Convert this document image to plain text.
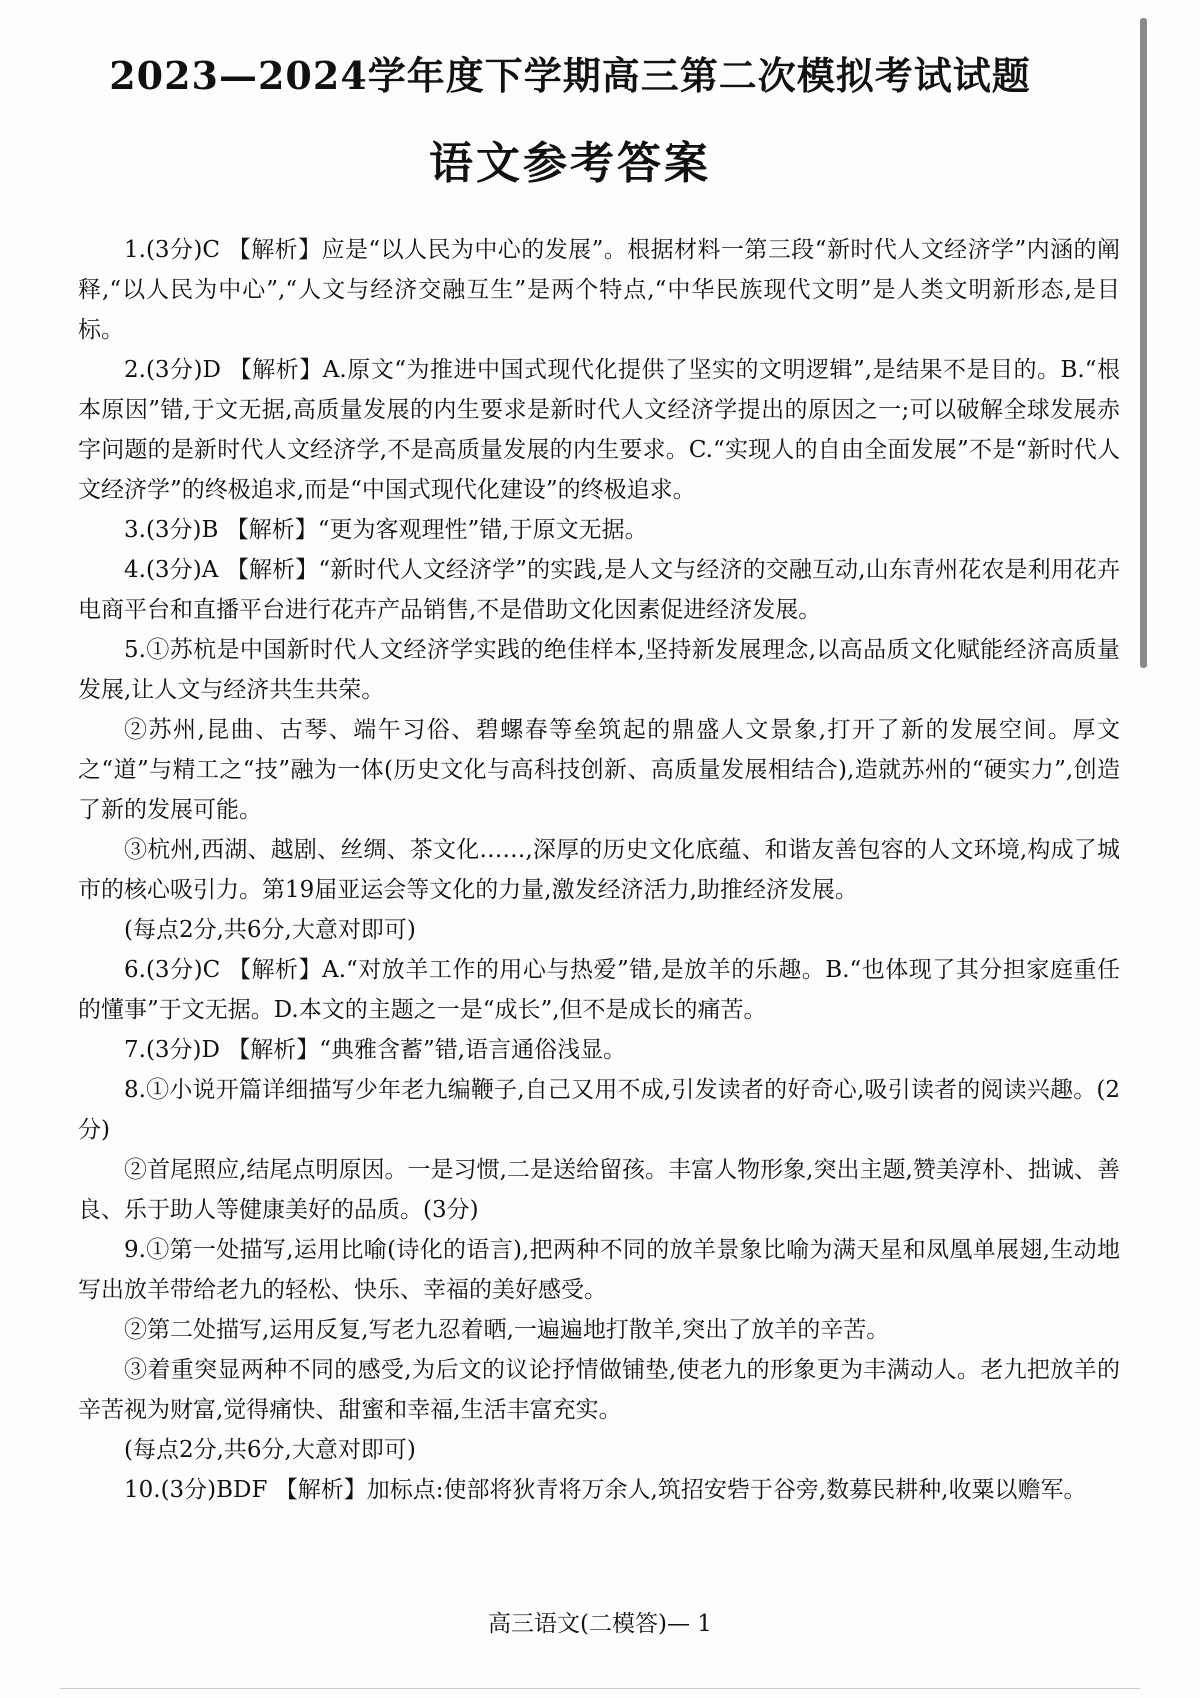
2023—2024学年度下学期高三第二次模拟考试试题
语文参考答案

1.(3分)C 【解析】应是“以人民为中心的发展”。根据材料一第三段“新时代人文经济学”内涵的阐释,“以人民为中心”,“人文与经济交融互生”是两个特点,“中华民族现代文明”是人类文明新形态,是目标。

2.(3分)D 【解析】A.原文“为推进中国式现代化提供了坚实的文明逻辑”,是结果不是目的。B.“根本原因”错,于文无据,高质量发展的内生要求是新时代人文经济学提出的原因之一;可以破解全球发展赤字问题的是新时代人文经济学,不是高质量发展的内生要求。C.“实现人的自由全面发展”不是“新时代人文经济学”的终极追求,而是“中国式现代化建设”的终极追求。

3.(3分)B 【解析】“更为客观理性”错,于原文无据。

4.(3分)A 【解析】“新时代人文经济学”的实践,是人文与经济的交融互动,山东青州花农是利用花卉电商平台和直播平台进行花卉产品销售,不是借助文化因素促进经济发展。

5.①苏杭是中国新时代人文经济学实践的绝佳样本,坚持新发展理念,以高品质文化赋能经济高质量发展,让人文与经济共生共荣。

②苏州,昆曲、古琴、端午习俗、碧螺春等垒筑起的鼎盛人文景象,打开了新的发展空间。厚文之“道”与精工之“技”融为一体(历史文化与高科技创新、高质量发展相结合),造就苏州的“硬实力”,创造了新的发展可能。

③杭州,西湖、越剧、丝绸、茶文化……,深厚的历史文化底蕴、和谐友善包容的人文环境,构成了城市的核心吸引力。第19届亚运会等文化的力量,激发经济活力,助推经济发展。

(每点2分,共6分,大意对即可)

6.(3分)C 【解析】A.“对放羊工作的用心与热爱”错,是放羊的乐趣。B.“也体现了其分担家庭重任的懂事”于文无据。D.本文的主题之一是“成长”,但不是成长的痛苦。

7.(3分)D 【解析】“典雅含蓄”错,语言通俗浅显。

8.①小说开篇详细描写少年老九编鞭子,自己又用不成,引发读者的好奇心,吸引读者的阅读兴趣。(2分)

②首尾照应,结尾点明原因。一是习惯,二是送给留孩。丰富人物形象,突出主题,赞美淳朴、拙诚、善良、乐于助人等健康美好的品质。(3分)

9.①第一处描写,运用比喻(诗化的语言),把两种不同的放羊景象比喻为满天星和凤凰单展翅,生动地写出放羊带给老九的轻松、快乐、幸福的美好感受。

②第二处描写,运用反复,写老九忍着晒,一遍遍地打散羊,突出了放羊的辛苦。

③着重突显两种不同的感受,为后文的议论抒情做铺垫,使老九的形象更为丰满动人。老九把放羊的辛苦视为财富,觉得痛快、甜蜜和幸福,生活丰富充实。

(每点2分,共6分,大意对即可)

10.(3分)BDF 【解析】加标点:使部将狄青将万余人,筑招安砦于谷旁,数募民耕种,收粟以赡军。

高三语文(二模答)— 1
